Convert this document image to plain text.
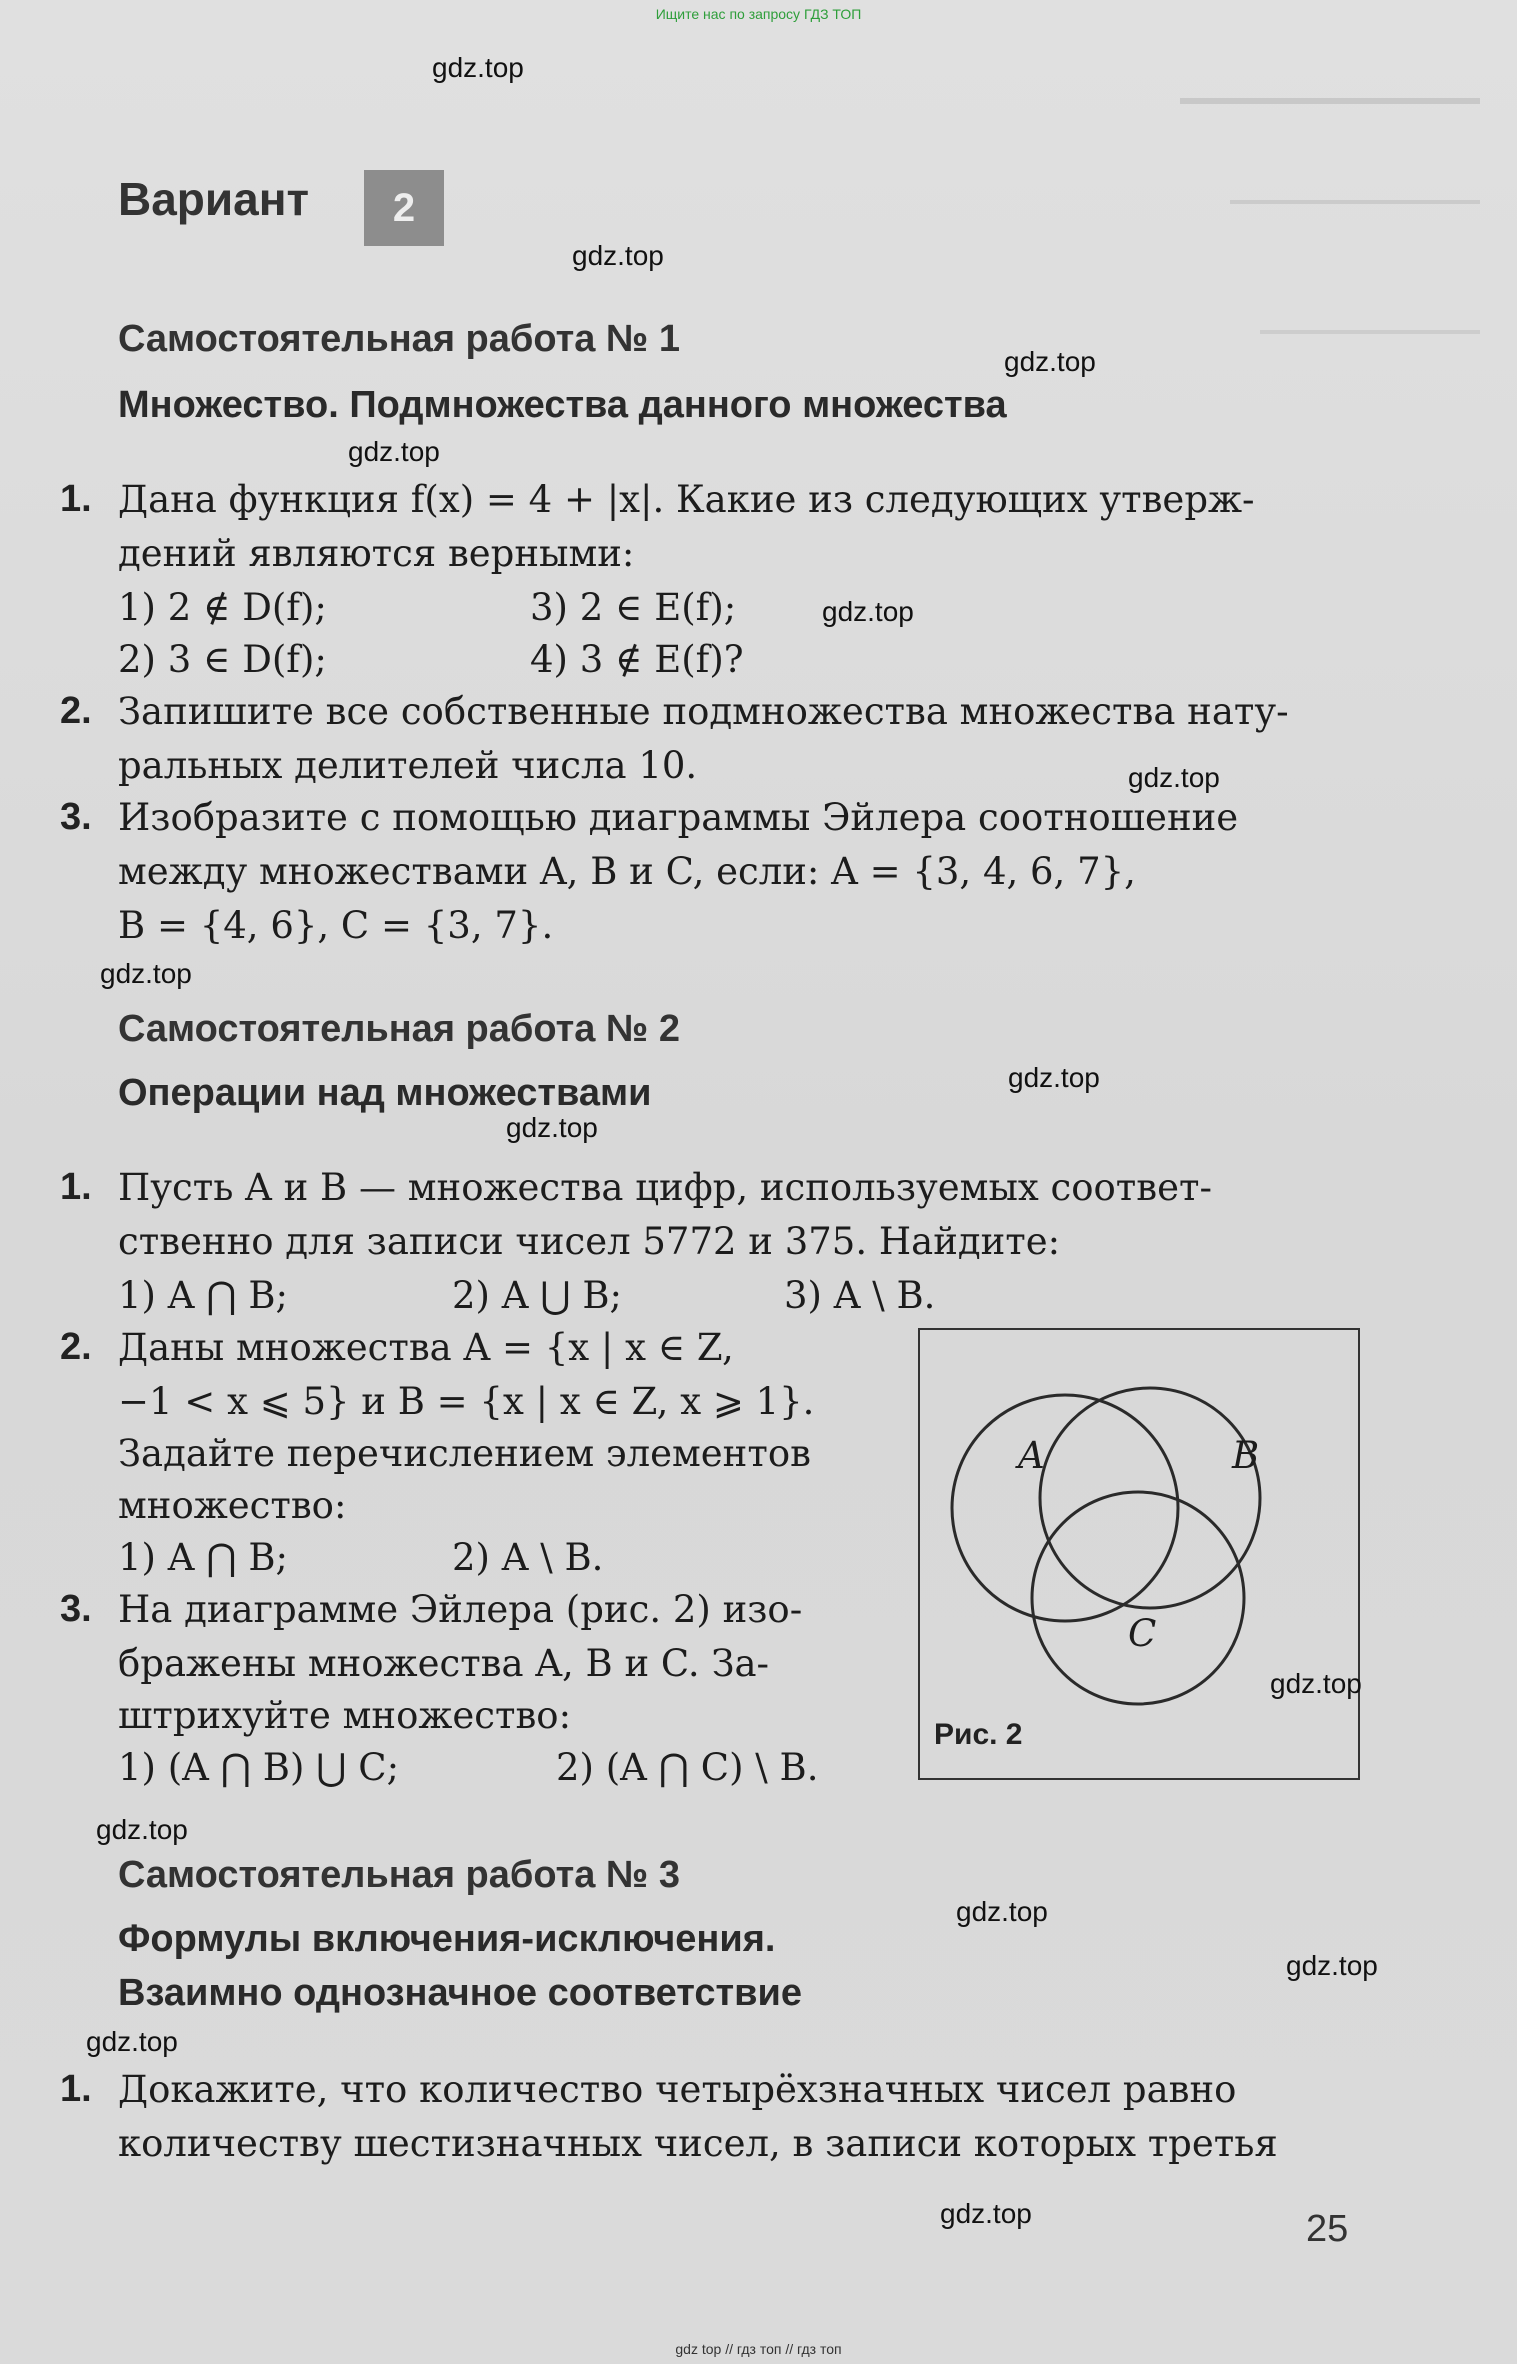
Ищите нас по запросу ГДЗ ТОП
Вариант	2
Самостоятельная работа № 1
Множество. Подмножества данного множества
1. Дана функция f(x) = 4 + |x|. Какие из следующих утверж-
дений являются верными:
1) 2 ∉ D(f);	3) 2 ∈ E(f);
2) 3 ∈ D(f);	4) 3 ∉ E(f)?
2. Запишите все собственные подмножества множества нату-
ральных делителей числа 10.
3. Изобразите с помощью диаграммы Эйлера соотношение
между множествами A, B и C, если: A = {3, 4, 6, 7},
B = {4, 6}, C = {3, 7}.
Самостоятельная работа № 2
Операции над множествами
1. Пусть A и B — множества цифр, используемых соответ-
ственно для записи чисел 5772 и 375. Найдите:
1) A ⋂ B;	2) A ⋃ B;	3) A \ B.
2. Даны множества A = {x | x ∈ Z,
−1 < x ⩽ 5} и B = {x | x ∈ Z, x ⩾ 1}.
Задайте перечислением элементов
множество:
1) A ⋂ B;	2) A \ B.
3. На диаграмме Эйлера (рис. 2) изо-
бражены множества A, B и C. За-
штрихуйте множество:
1) (A ⋂ B) ⋃ C;	2) (A ⋂ C) \ B.
A	B
C
Рис. 2
Самостоятельная работа № 3
Формулы включения-исключения.
Взаимно однозначное соответствие
1. Докажите, что количество четырёхзначных чисел равно
количеству шестизначных чисел, в записи которых третья
25
gdz.top
gdz.top
gdz.top
gdz.top
gdz.top
gdz.top
gdz.top
gdz.top
gdz.top
gdz.top
gdz.top
gdz.top
gdz.top
gdz.top
gdz.top
gdz top // гдз топ // гдз топ
